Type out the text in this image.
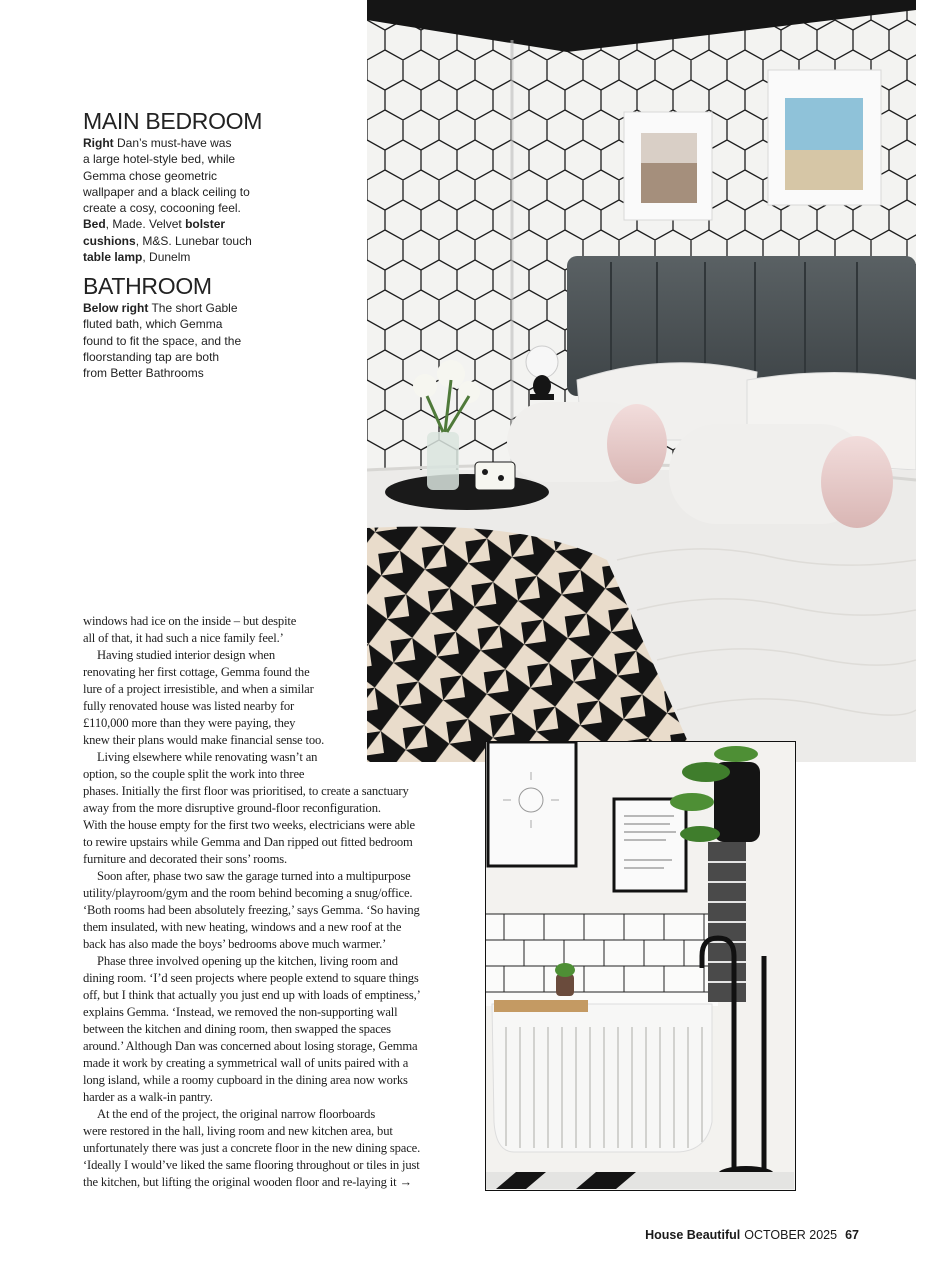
MAIN BEDROOM

Right Dan’s must-have was
a large hotel-style bed, while
Gemma chose geometric
wallpaper and a black ceiling to
create a cosy, cocooning feel.
Bed, Made. Velvet bolster
cushions, M&S. Lunebar touch
table lamp, Dunelm

BATHROOM

Below right The short Gable
fluted bath, which Gemma
found to fit the space, and the
floorstanding tap are both
from Better Bathrooms

windows had ice on the inside – but despite
all of that, it had such a nice family feel.’
Having studied interior design when
renovating her first cottage, Gemma found the
lure of a project irresistible, and when a similar
fully renovated house was listed nearby for
£110,000 more than they were paying, they
knew their plans would make financial sense too.
Living elsewhere while renovating wasn’t an
option, so the couple split the work into three
phases. Initially the first floor was prioritised, to create a sanctuary
away from the more disruptive ground-floor reconfiguration.
With the house empty for the first two weeks, electricians were able
to rewire upstairs while Gemma and Dan ripped out fitted bedroom
furniture and decorated their sons’ rooms.
Soon after, phase two saw the garage turned into a multipurpose
utility/playroom/gym and the room behind becoming a snug/office.
‘Both rooms had been absolutely freezing,’ says Gemma. ‘So having
them insulated, with new heating, windows and a new roof at the
back has also made the boys’ bedrooms above much warmer.’
Phase three involved opening up the kitchen, living room and
dining room. ‘I’d seen projects where people extend to square things
off, but I think that actually you just end up with loads of emptiness,’
explains Gemma. ‘Instead, we removed the non-supporting wall
between the kitchen and dining room, then swapped the spaces
around.’ Although Dan was concerned about losing storage, Gemma
made it work by creating a symmetrical wall of units paired with a
long island, while a roomy cupboard in the dining area now works
harder as a walk-in pantry.
At the end of the project, the original narrow floorboards
were restored in the hall, living room and new kitchen area, but
unfortunately there was just a concrete floor in the new dining space.
‘Ideally I would’ve liked the same flooring throughout or tiles in just
the kitchen, but lifting the original wooden floor and re-laying it →
House Beautiful OCTOBER 2025 67
